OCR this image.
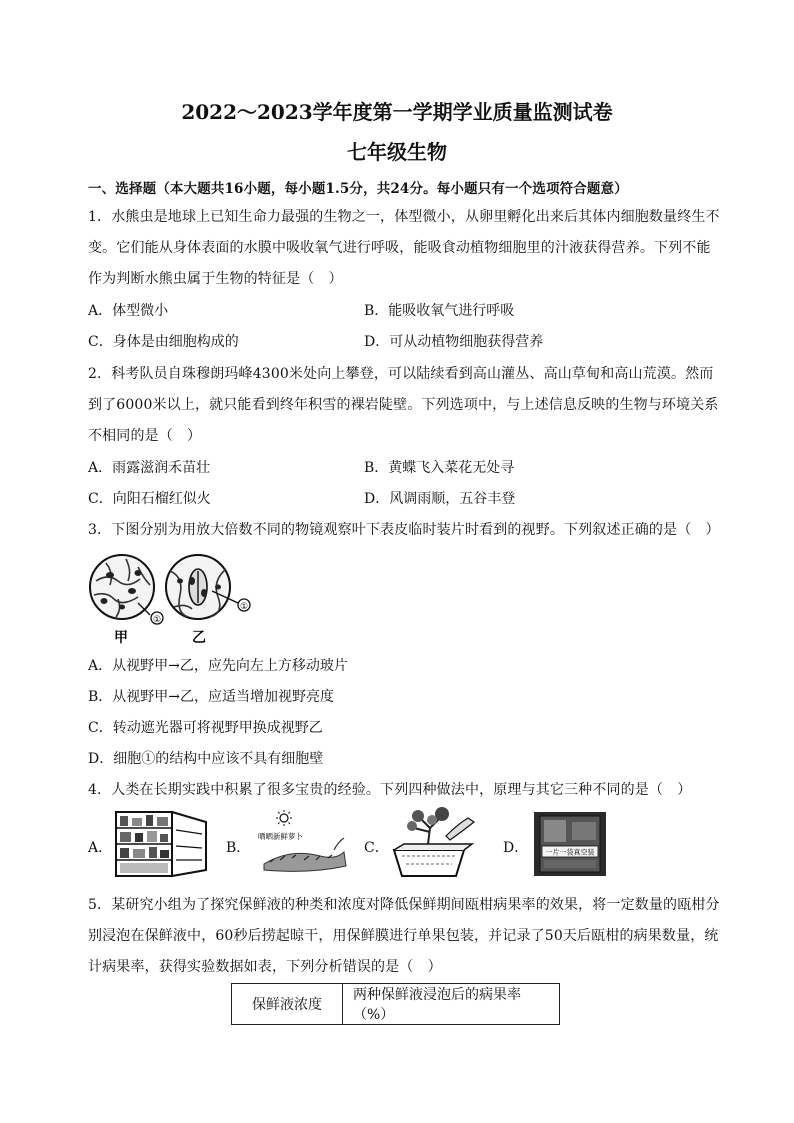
2022～2023学年度第一学期学业质量监测试卷
七年级生物
一、选择题（本大题共16小题，每小题1.5分，共24分。每小题只有一个选项符合题意）
1．水熊虫是地球上已知生命力最强的生物之一，体型微小，从卵里孵化出来后其体内细胞数量终生不
变。它们能从身体表面的水膜中吸收氧气进行呼吸，能吸食动植物细胞里的汁液获得营养。下列不能
作为判断水熊虫属于生物的特征是（　）
A．体型微小	B．能吸收氧气进行呼吸
C．身体是由细胞构成的	D．可从动植物细胞获得营养
2．科考队员自珠穆朗玛峰4300米处向上攀登，可以陆续看到高山灌丛、高山草甸和高山荒漠。然而
到了6000米以上，就只能看到终年积雪的裸岩陡壁。下列选项中，与上述信息反映的生物与环境关系
不相同的是（　）
A．雨露滋润禾苗壮	B．黄蝶飞入菜花无处寻
C．向阳石榴红似火	D．风调雨顺，五谷丰登
3．下图分别为用放大倍数不同的物镜观察叶下表皮临时装片时看到的视野。下列叙述正确的是（　）
①
①
甲	乙
A．从视野甲→乙，应先向左上方移动玻片
B．从视野甲→乙，应适当增加视野亮度
C．转动遮光器可将视野甲换成视野乙
D．细胞①的结构中应该不具有细胞壁
4．人类在长期实践中积累了很多宝贵的经验。下列四种做法中，原理与其它三种不同的是（　）
A．	B．
晒晒新鲜萝卜
C．	D． 一片一袋真空装
5．某研究小组为了探究保鲜液的种类和浓度对降低保鲜期间瓯柑病果率的效果，将一定数量的瓯柑分
别浸泡在保鲜液中，60秒后捞起晾干，用保鲜膜进行单果包装，并记录了50天后瓯柑的病果数量，统
计病果率，获得实验数据如表，下列分析错误的是（　）
保鲜液浓度	两种保鲜液浸泡后的病果率（%）
